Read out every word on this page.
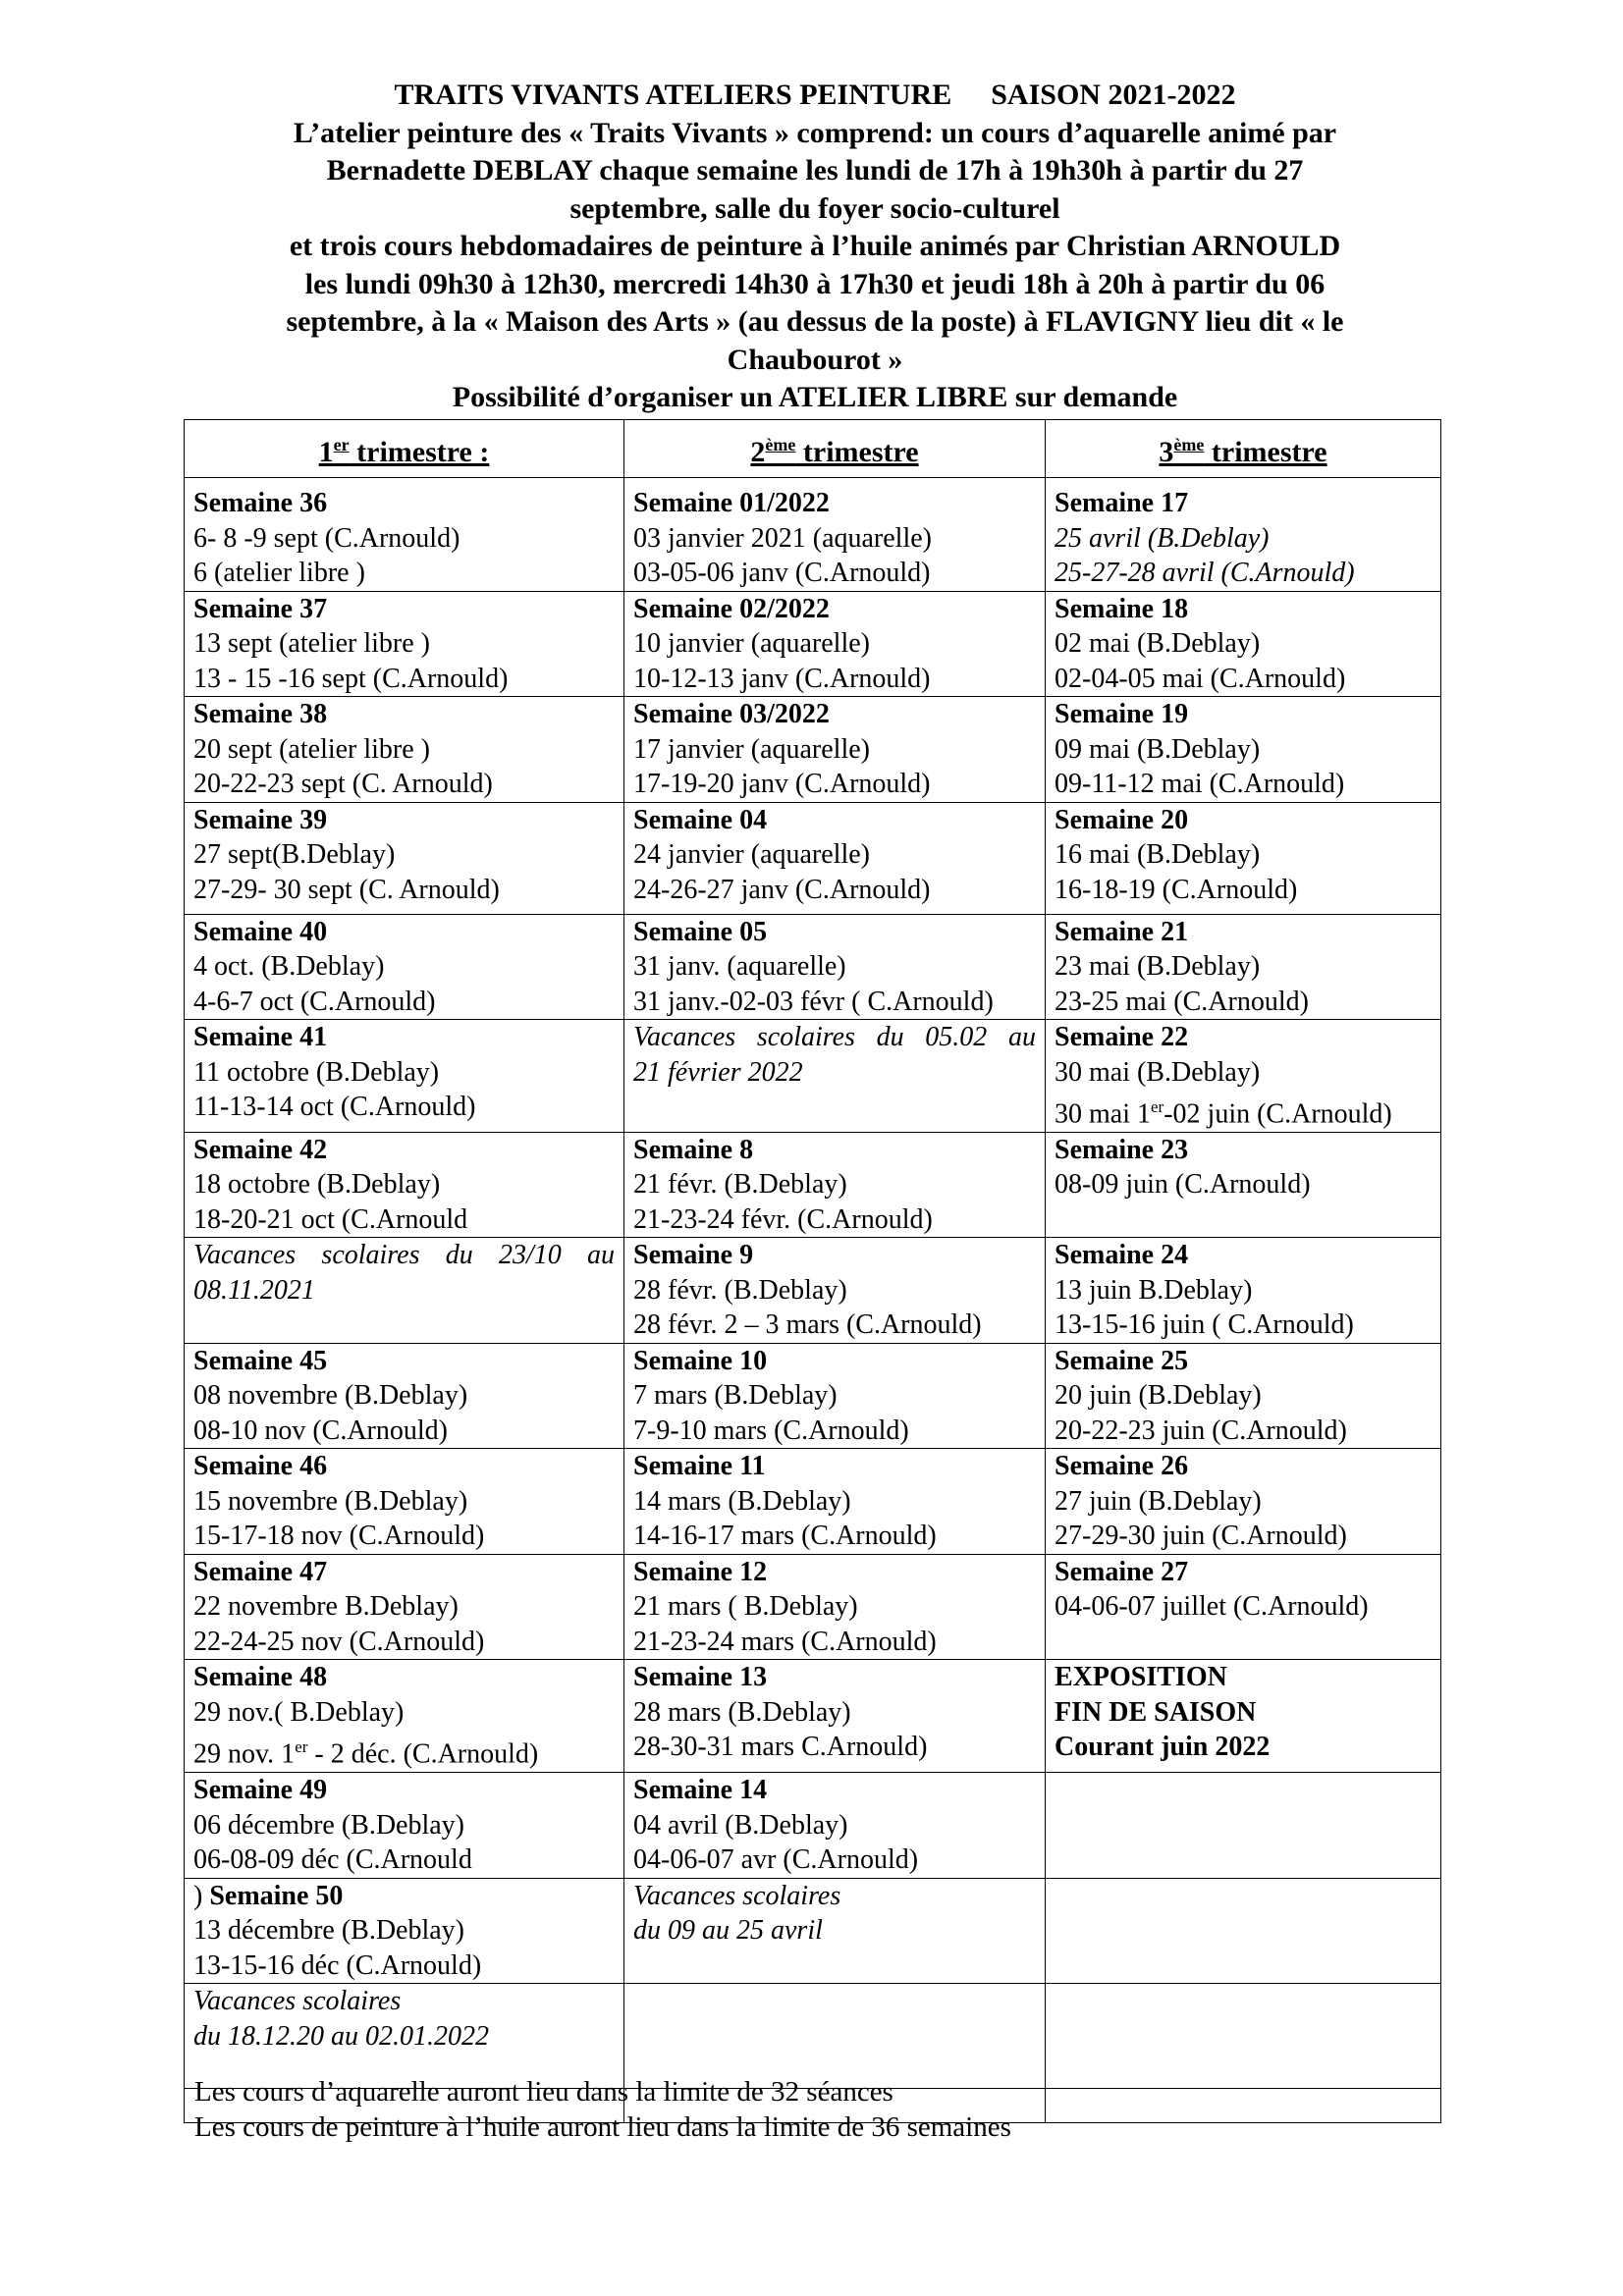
TRAITS VIVANTS ATELIERS PEINTURE SAISON 2021-2022
L’atelier peinture des « Traits Vivants » comprend: un cours d’aquarelle animé par
Bernadette DEBLAY chaque semaine les lundi de 17h à 19h30h à partir du 27
septembre, salle du foyer socio-culturel
et trois cours hebdomadaires de peinture à l’huile animés par Christian ARNOULD
les lundi 09h30 à 12h30, mercredi 14h30 à 17h30 et jeudi 18h à 20h à partir du 06
septembre, à la « Maison des Arts » (au dessus de la poste) à FLAVIGNY lieu dit « le
Chaubourot »
Possibilité d’organiser un ATELIER LIBRE sur demande
1er trimestre :	2ème trimestre	3ème trimestre

Semaine 36
6- 8 -9 sept (C.Arnould)
6 (atelier libre )	Semaine 01/2022
03 janvier 2021 (aquarelle)
03-05-06 janv (C.Arnould)	Semaine 17
25 avril (B.Deblay)
25-27-28 avril (C.Arnould)

Semaine 37
13 sept (atelier libre )
13 - 15 -16 sept (C.Arnould)	Semaine 02/2022
10 janvier (aquarelle)
10-12-13 janv (C.Arnould)	Semaine 18
02 mai (B.Deblay)
02-04-05 mai (C.Arnould)

Semaine 38
20 sept (atelier libre )
20-22-23 sept (C. Arnould)	Semaine 03/2022
17 janvier (aquarelle)
17-19-20 janv (C.Arnould)	Semaine 19
09 mai (B.Deblay)
09-11-12 mai (C.Arnould)

Semaine 39
27 sept(B.Deblay)
27-29- 30 sept (C. Arnould)	Semaine 04
24 janvier (aquarelle)
24-26-27 janv (C.Arnould)	Semaine 20
16 mai (B.Deblay)
16-18-19 (C.Arnould)

Semaine 40
4 oct. (B.Deblay)
4-6-7 oct (C.Arnould)	Semaine 05
31 janv. (aquarelle)
31 janv.-02-03 févr ( C.Arnould)	Semaine 21
23 mai (B.Deblay)
23-25 mai (C.Arnould)

Semaine 41
11 octobre (B.Deblay)
11-13-14 oct (C.Arnould)	Vacances scolaires du 05.02 au
21 février 2022	Semaine 22
30 mai (B.Deblay)
30 mai 1er-02 juin (C.Arnould)

Semaine 42
18 octobre (B.Deblay)
18-20-21 oct (C.Arnould	Semaine 8
21 févr. (B.Deblay)
21-23-24 févr. (C.Arnould)	Semaine 23
08-09 juin (C.Arnould)

Vacances scolaires du 23/10 au
08.11.2021	Semaine 9
28 févr. (B.Deblay)
28 févr. 2 – 3 mars (C.Arnould)	Semaine 24
13 juin B.Deblay)
13-15-16 juin ( C.Arnould)

Semaine 45
08 novembre (B.Deblay)
08-10 nov (C.Arnould)	Semaine 10
7 mars (B.Deblay)
7-9-10 mars (C.Arnould)	Semaine 25
20 juin (B.Deblay)
20-22-23 juin (C.Arnould)

Semaine 46
15 novembre (B.Deblay)
15-17-18 nov (C.Arnould)	Semaine 11
14 mars (B.Deblay)
14-16-17 mars (C.Arnould)	Semaine 26
27 juin (B.Deblay)
27-29-30 juin (C.Arnould)

Semaine 47
22 novembre B.Deblay)
22-24-25 nov (C.Arnould)	Semaine 12
21 mars ( B.Deblay)
21-23-24 mars (C.Arnould)	Semaine 27
04-06-07 juillet (C.Arnould)

Semaine 48
29 nov.( B.Deblay)
29 nov. 1er - 2 déc. (C.Arnould)	Semaine 13
28 mars (B.Deblay)
28-30-31 mars C.Arnould)	EXPOSITION
FIN DE SAISON
Courant juin 2022

Semaine 49
06 décembre (B.Deblay)
06-08-09 déc (C.Arnould	Semaine 14
04 avril (B.Deblay)
04-06-07 avr (C.Arnould)	

) Semaine 50
13 décembre (B.Deblay)
13-15-16 déc (C.Arnould)	Vacances scolaires
du 09 au 25 avril	

Vacances scolaires
du 18.12.20 au 02.01.2022		

Les cours d’aquarelle auront lieu dans la limite de 32 séances
Les cours de peinture à l’huile auront lieu dans la limite de 36 semaines
